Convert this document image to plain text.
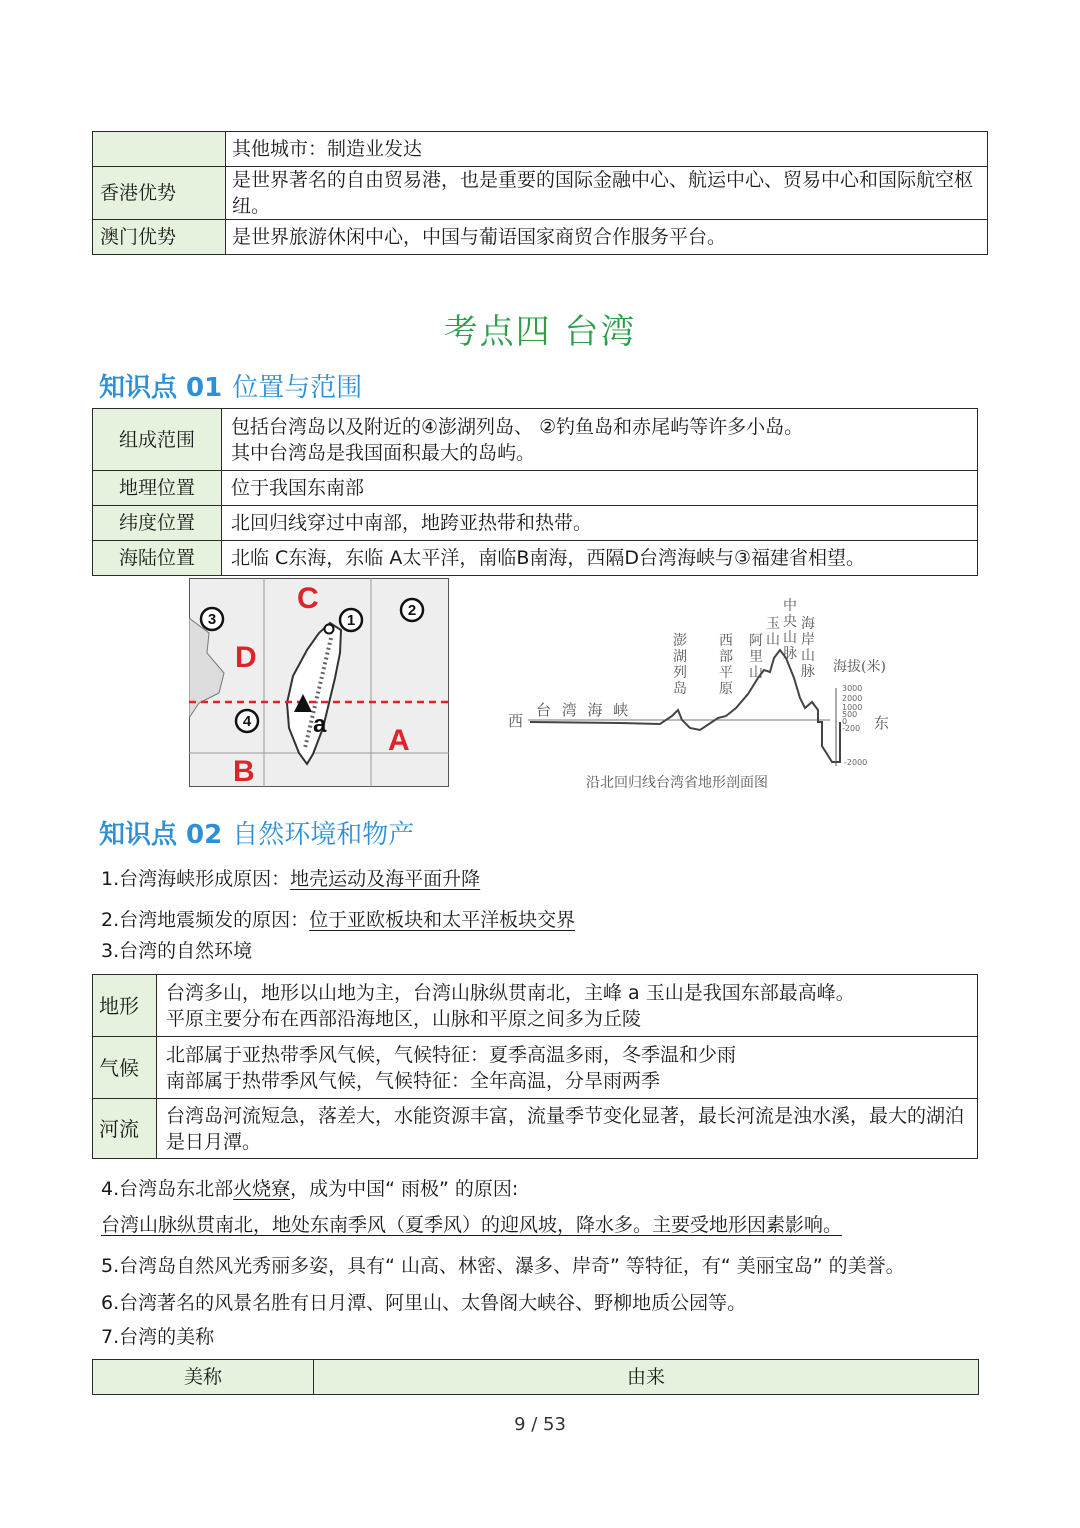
	其他城市：制造业发达
香港优势	是世界著名的自由贸易港，也是重要的国际金融中心、航运中心、贸易中心和国际航空枢纽。
澳门优势	是世界旅游休闲中心，中国与葡语国家商贸合作服务平台。
考点四 台湾
知识点 01 位置与范围
组成范围	包括台湾岛以及附近的④澎湖列岛、 ②钓鱼岛和赤尾屿等许多小岛。
其中台湾岛是我国面积最大的岛屿。

地理位置	位于我国东南部
纬度位置	北回归线穿过中南部，地跨亚热带和热带。
海陆位置	北临 C东海，东临 A太平洋，南临B南海，西隔D台湾海峡与③福建省相望。
C
D
A
B
a
1
2
3
4	西	东
台 湾 海 峡
海拔(米)
沿北回归线台湾省地形剖面图
澎湖列岛
西部平原
阿里山
玉山
中央山脉
海岸山脉
3000
2000
1000
500
0
-200
-2000
知识点 02 自然环境和物产
1.台湾海峡形成原因：地壳运动及海平面升降
2.台湾地震频发的原因：位于亚欧板块和太平洋板块交界
3.台湾的自然环境
地形	台湾多山，地形以山地为主，台湾山脉纵贯南北，主峰 a 玉山是我国东部最高峰。
平原主要分布在西部沿海地区，山脉和平原之间多为丘陵

气候	北部属于亚热带季风气候，气候特征：夏季高温多雨，冬季温和少雨
南部属于热带季风气候，气候特征：全年高温，分旱雨两季

河流	台湾岛河流短急，落差大，水能资源丰富，流量季节变化显著，最长河流是浊水溪，最大的湖泊
是日月潭。
4.台湾岛东北部火烧寮，成为中国“ 雨极” 的原因:
台湾山脉纵贯南北，地处东南季风（夏季风）的迎风坡，降水多。主要受地形因素影响。
5.台湾岛自然风光秀丽多姿，具有“ 山高、林密、瀑多、岸奇” 等特征，有“ 美丽宝岛” 的美誉。
6.台湾著名的风景名胜有日月潭、阿里山、太鲁阁大峡谷、野柳地质公园等。
7.台湾的美称
美称	由来
9 / 53
